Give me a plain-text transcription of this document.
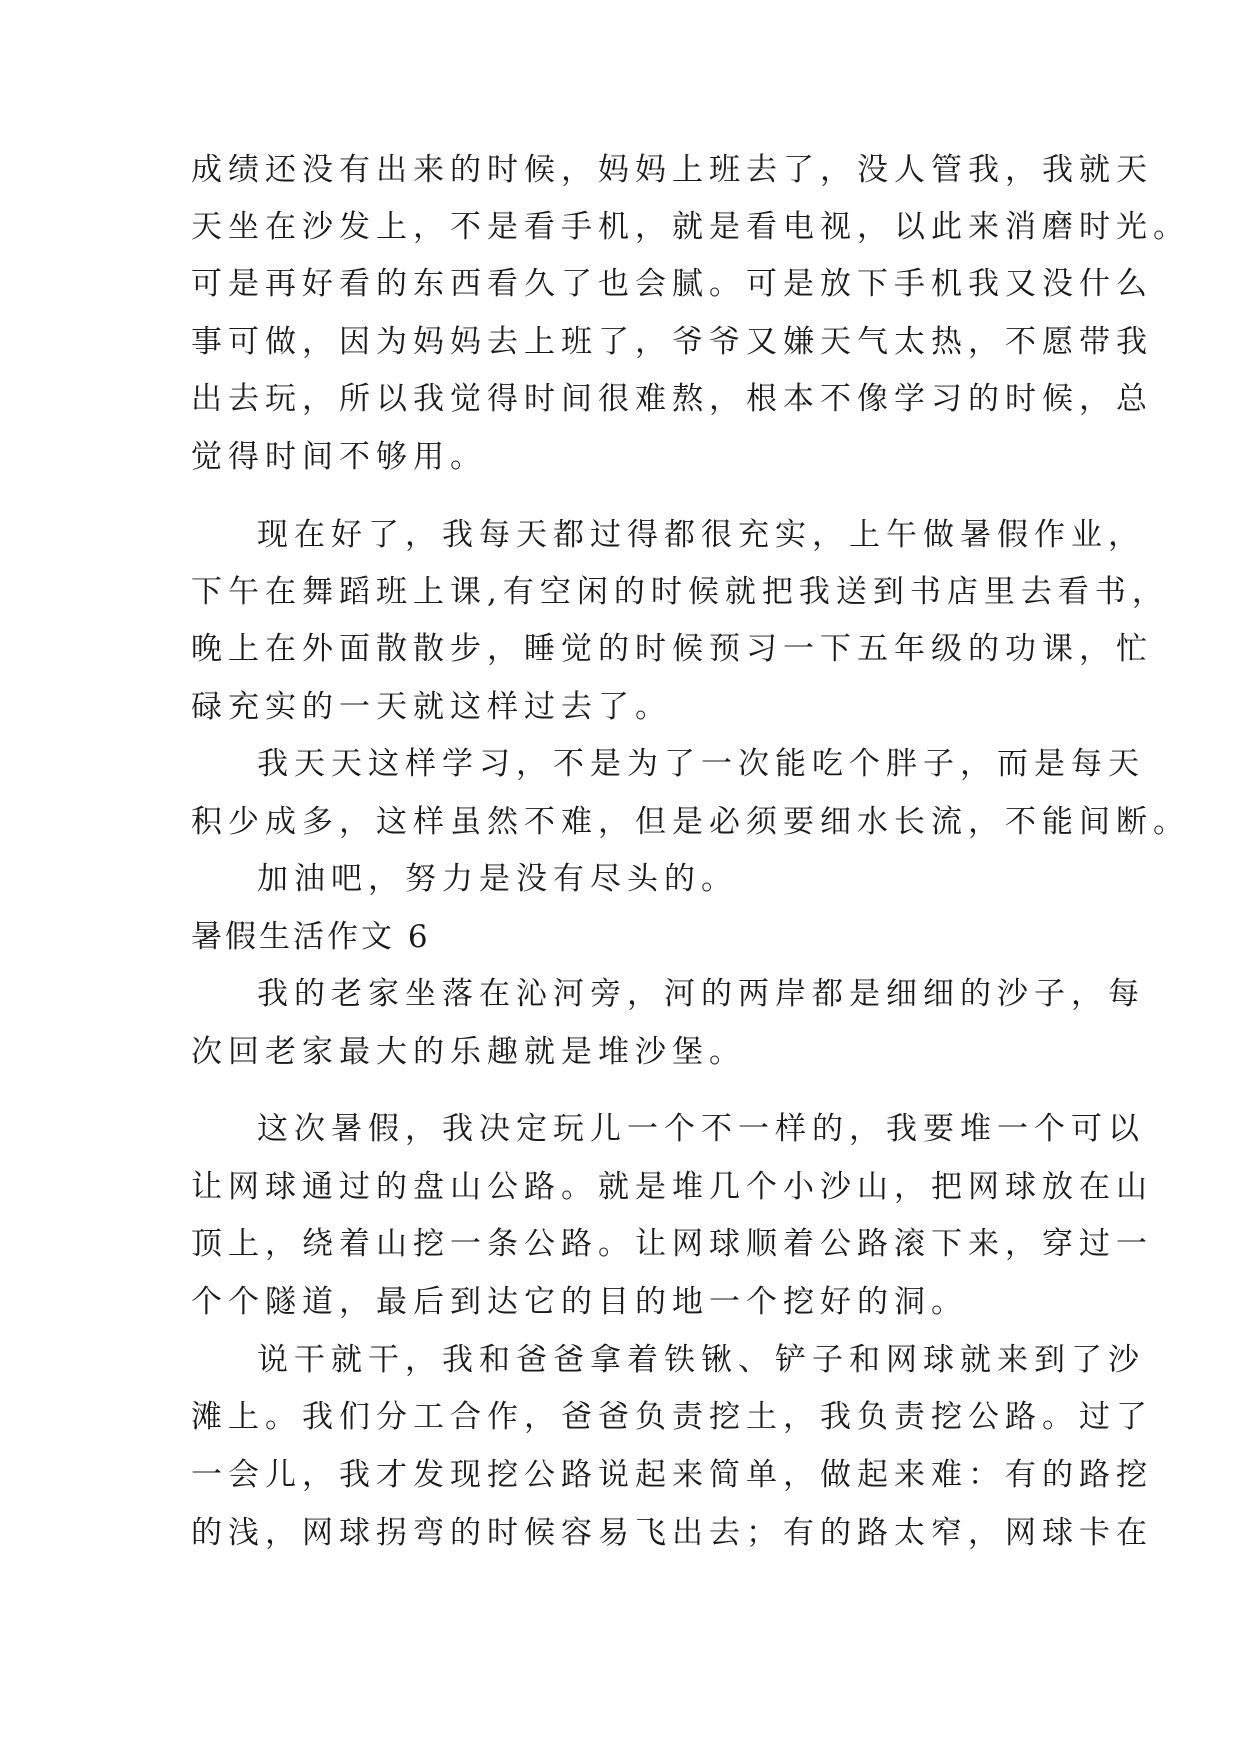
成绩还没有出来的时候，妈妈上班去了，没人管我，我就天
天坐在沙发上，不是看手机，就是看电视，以此来消磨时光。
可是再好看的东西看久了也会腻。可是放下手机我又没什么
事可做，因为妈妈去上班了，爷爷又嫌天气太热，不愿带我
出去玩，所以我觉得时间很难熬，根本不像学习的时候，总
觉得时间不够用。
现在好了，我每天都过得都很充实，上午做暑假作业，
下午在舞蹈班上课,有空闲的时候就把我送到书店里去看书，
晚上在外面散散步，睡觉的时候预习一下五年级的功课，忙
碌充实的一天就这样过去了。
我天天这样学习，不是为了一次能吃个胖子，而是每天
积少成多，这样虽然不难，但是必须要细水长流，不能间断。
加油吧，努力是没有尽头的。
暑假生活作文 6
我的老家坐落在沁河旁，河的两岸都是细细的沙子，每
次回老家最大的乐趣就是堆沙堡。
这次暑假，我决定玩儿一个不一样的，我要堆一个可以
让网球通过的盘山公路。就是堆几个小沙山，把网球放在山
顶上，绕着山挖一条公路。让网球顺着公路滚下来，穿过一
个个隧道，最后到达它的目的地一个挖好的洞。
说干就干，我和爸爸拿着铁锹、铲子和网球就来到了沙
滩上。我们分工合作，爸爸负责挖土，我负责挖公路。过了
一会儿，我才发现挖公路说起来简单，做起来难：有的路挖
的浅，网球拐弯的时候容易飞出去；有的路太窄，网球卡在
